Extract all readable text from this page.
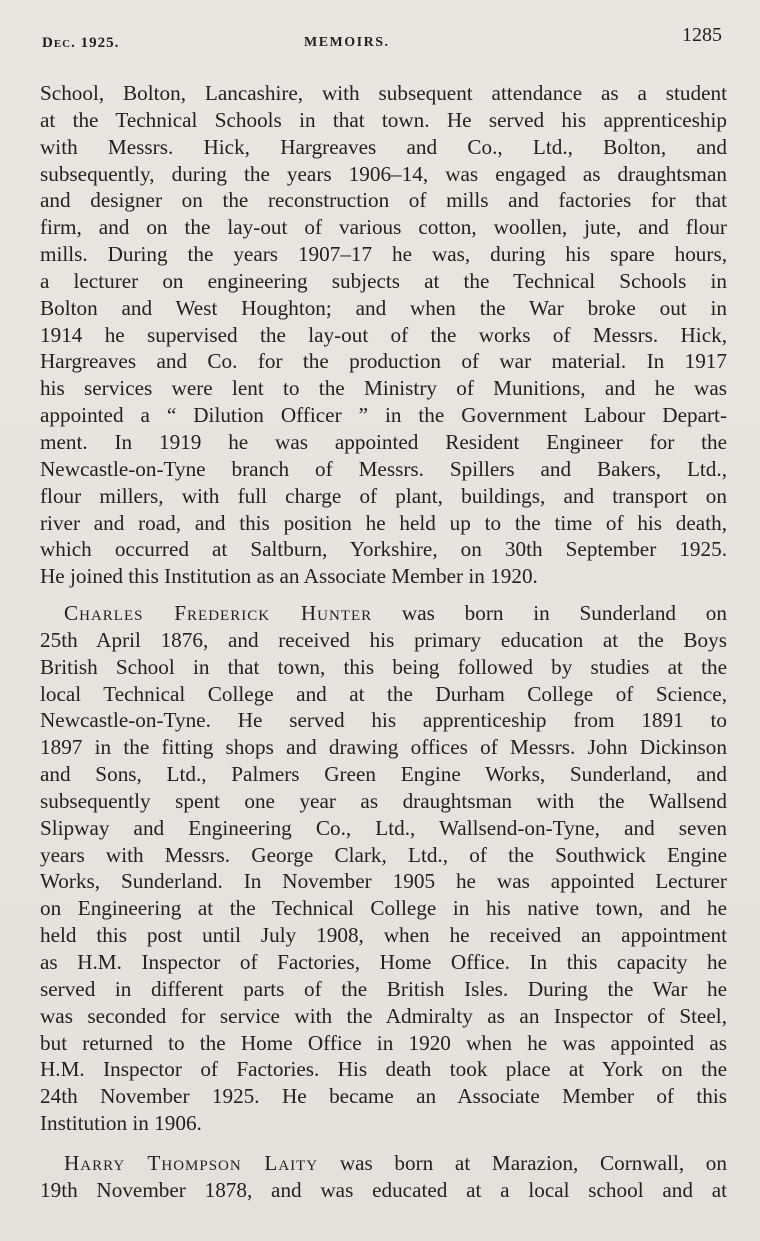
Dec. 1925.	MEMOIRS.	1285
School, Bolton, Lancashire, with subsequent attendance as a student
at the Technical Schools in that town. He served his apprenticeship
with Messrs. Hick, Hargreaves and Co., Ltd., Bolton, and
subsequently, during the years 1906–14, was engaged as draughtsman
and designer on the reconstruction of mills and factories for that
firm, and on the lay-out of various cotton, woollen, jute, and flour
mills. During the years 1907–17 he was, during his spare hours,
a lecturer on engineering subjects at the Technical Schools in
Bolton and West Houghton; and when the War broke out in
1914 he supervised the lay-out of the works of Messrs. Hick,
Hargreaves and Co. for the production of war material. In 1917
his services were lent to the Ministry of Munitions, and he was
appointed a “ Dilution Officer ” in the Government Labour Depart-
ment. In 1919 he was appointed Resident Engineer for the
Newcastle-on-Tyne branch of Messrs. Spillers and Bakers, Ltd.,
flour millers, with full charge of plant, buildings, and transport on
river and road, and this position he held up to the time of his death,
which occurred at Saltburn, Yorkshire, on 30th September 1925.
He joined this Institution as an Associate Member in 1920.
Charles Frederick Hunter was born in Sunderland on
25th April 1876, and received his primary education at the Boys
British School in that town, this being followed by studies at the
local Technical College and at the Durham College of Science,
Newcastle-on-Tyne. He served his apprenticeship from 1891 to
1897 in the fitting shops and drawing offices of Messrs. John Dickinson
and Sons, Ltd., Palmers Green Engine Works, Sunderland, and
subsequently spent one year as draughtsman with the Wallsend
Slipway and Engineering Co., Ltd., Wallsend-on-Tyne, and seven
years with Messrs. George Clark, Ltd., of the Southwick Engine
Works, Sunderland. In November 1905 he was appointed Lecturer
on Engineering at the Technical College in his native town, and he
held this post until July 1908, when he received an appointment
as H.M. Inspector of Factories, Home Office. In this capacity he
served in different parts of the British Isles. During the War he
was seconded for service with the Admiralty as an Inspector of Steel,
but returned to the Home Office in 1920 when he was appointed as
H.M. Inspector of Factories. His death took place at York on the
24th November 1925. He became an Associate Member of this
Institution in 1906.
Harry Thompson Laity was born at Marazion, Cornwall, on
19th November 1878, and was educated at a local school and at
